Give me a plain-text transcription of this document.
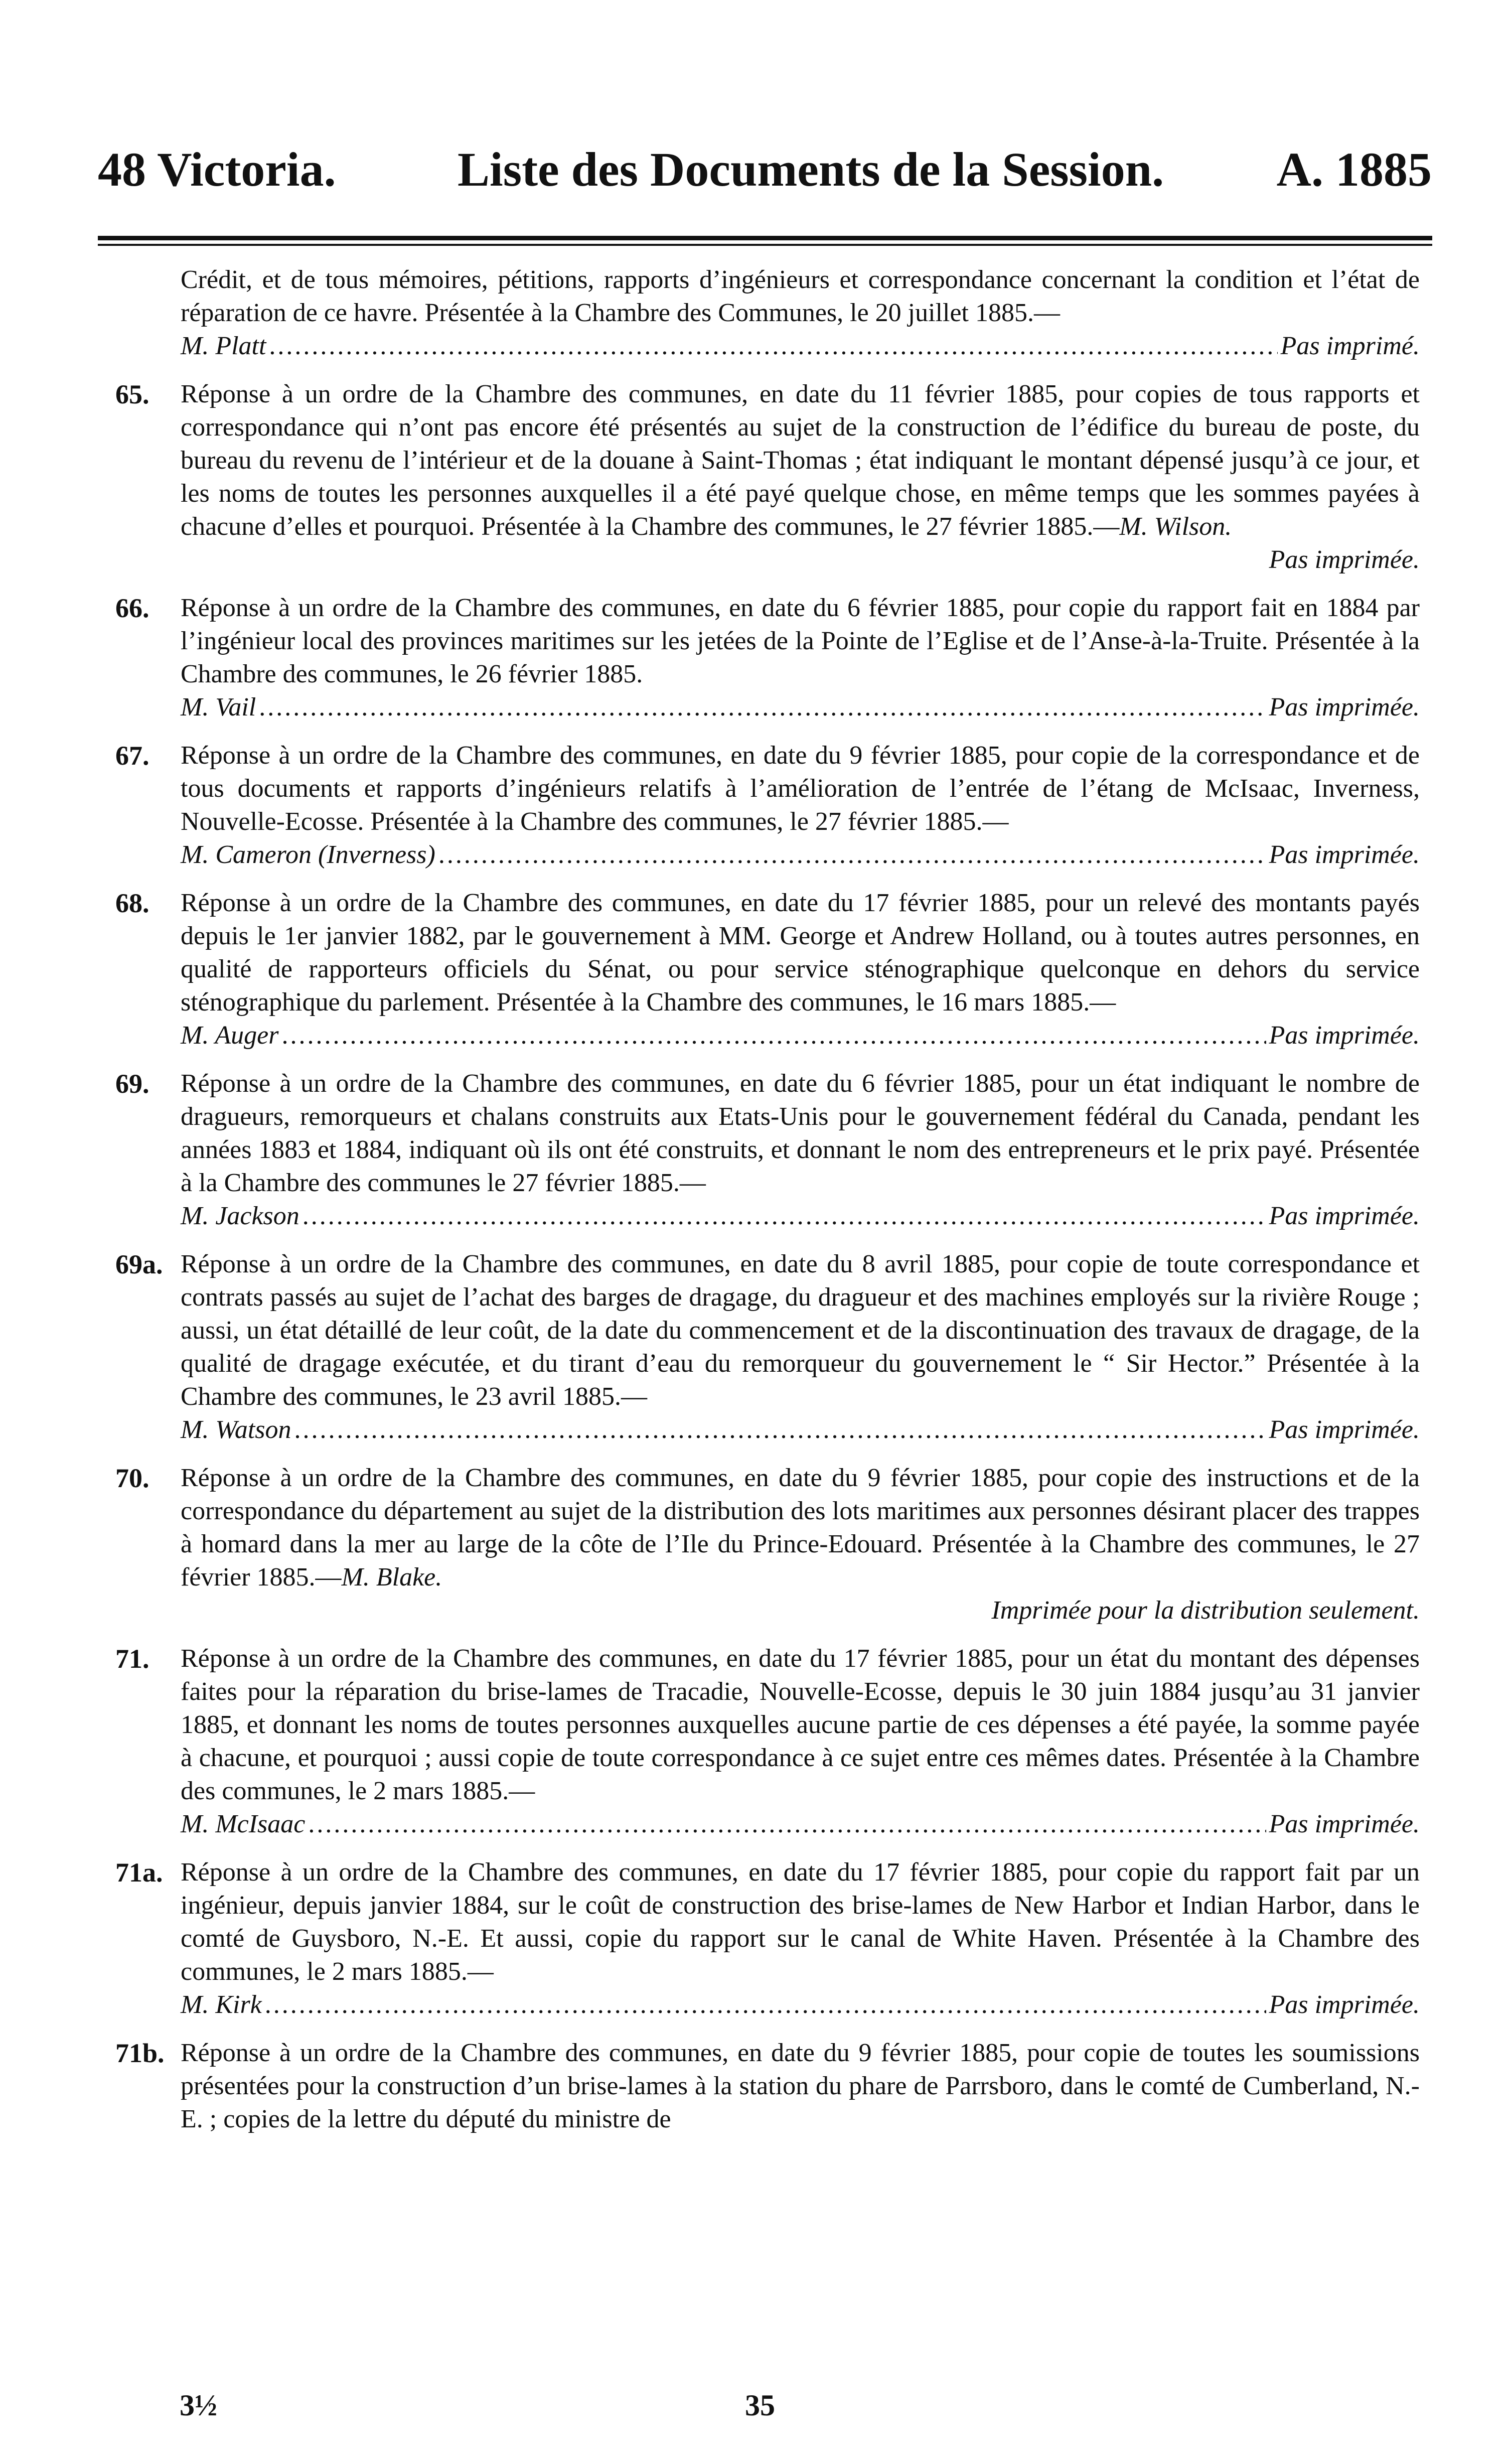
48 Victoria.	Liste des Documents de la Session. A. 1885

Crédit, et de tous mémoires, pétitions, rapports d’ingénieurs et correspondance concernant la condition et l’état de réparation de ce havre. Présentée à la Chambre des Communes, le 20 juillet 1885.—

M. Platt .....	Pas imprimé.
65.	Réponse à un ordre de la Chambre des communes, en date du 11 février 1885, pour copies de tous rapports et correspondance qui n’ont pas encore été présentés au sujet de la construction de l’édifice du bureau de poste, du bureau du revenu de l’intérieur et de la douane à Saint-Thomas ; état indiquant le montant dépensé jusqu’à ce jour, et les noms de toutes les personnes auxquelles il a été payé quelque chose, en même temps que les sommes payées à chacune d’elles et pourquoi. Présentée à la Chambre des communes, le 27 février 1885.—M. Wilson.

Pas imprimée.
66.	Réponse à un ordre de la Chambre des communes, en date du 6 février 1885, pour copie du rapport fait en 1884 par l’ingénieur local des provinces maritimes sur les jetées de la Pointe de l’Eglise et de l’Anse-à-la-Truite. Présentée à la Chambre des communes, le 26 février 1885.

M. Vail .....	Pas imprimée.
67.	Réponse à un ordre de la Chambre des communes, en date du 9 février 1885, pour copie de la correspondance et de tous documents et rapports d’ingénieurs relatifs à l’amélioration de l’entrée de l’étang de McIsaac, Inverness, Nouvelle-Ecosse. Présentée à la Chambre des communes, le 27 février 1885.—

M. Cameron (Inverness) .....	Pas imprimée.
68.	Réponse à un ordre de la Chambre des communes, en date du 17 février 1885, pour un relevé des montants payés depuis le 1er janvier 1882, par le gouvernement à MM. George et Andrew Holland, ou à toutes autres personnes, en qualité de rapporteurs officiels du Sénat, ou pour service sténographique quelconque en dehors du service sténographique du parlement. Présentée à la Chambre des communes, le 16 mars 1885.—

M. Auger .....	Pas imprimée.
69.	Réponse à un ordre de la Chambre des communes, en date du 6 février 1885, pour un état indiquant le nombre de dragueurs, remorqueurs et chalans construits aux Etats-Unis pour le gouvernement fédéral du Canada, pendant les années 1883 et 1884, indiquant où ils ont été construits, et donnant le nom des entrepreneurs et le prix payé. Présentée à la Chambre des communes le 27 février 1885.—

M. Jackson .....	Pas imprimée.
69a. Réponse à un ordre de la Chambre des communes, en date du 8 avril 1885, pour copie de toute correspondance et contrats passés au sujet de l’achat des barges de dragage, du dragueur et des machines employés sur la rivière Rouge ; aussi, un état détaillé de leur coût, de la date du commencement et de la discontinuation des travaux de dragage, de la qualité de dragage exécutée, et du tirant d’eau du remorqueur du gouvernement le “ Sir Hector.” Présentée à la Chambre des communes, le 23 avril 1885.—

M. Watson .....	Pas imprimée.
70.	Réponse à un ordre de la Chambre des communes, en date du 9 février 1885, pour copie des instructions et de la correspondance du département au sujet de la distribution des lots maritimes aux personnes désirant placer des trappes à homard dans la mer au large de la côte de l’Ile du Prince-Edouard. Présentée à la Chambre des communes, le 27 février 1885.—M. Blake.

Imprimée pour la distribution seulement.
71.	Réponse à un ordre de la Chambre des communes, en date du 17 février 1885, pour un état du montant des dépenses faites pour la réparation du brise-lames de Tracadie, Nouvelle-Ecosse, depuis le 30 juin 1884 jusqu’au 31 janvier 1885, et donnant les noms de toutes personnes auxquelles aucune partie de ces dépenses a été payée, la somme payée à chacune, et pourquoi ; aussi copie de toute correspondance à ce sujet entre ces mêmes dates. Présentée à la Chambre des communes, le 2 mars 1885.—

M. McIsaac .....	Pas imprimée.
71a. Réponse à un ordre de la Chambre des communes, en date du 17 février 1885, pour copie du rapport fait par un ingénieur, depuis janvier 1884, sur le coût de construction des brise-lames de New Harbor et Indian Harbor, dans le comté de Guysboro, N.-E. Et aussi, copie du rapport sur le canal de White Haven. Présentée à la Chambre des communes, le 2 mars 1885.—

M. Kirk .....	Pas imprimée.
71b. Réponse à un ordre de la Chambre des communes, en date du 9 février 1885, pour copie de toutes les soumissions présentées pour la construction d’un brise-lames à la station du phare de Parrsboro, dans le comté de Cumberland, N.-E. ; copies de la lettre du député du ministre de

3½	35
